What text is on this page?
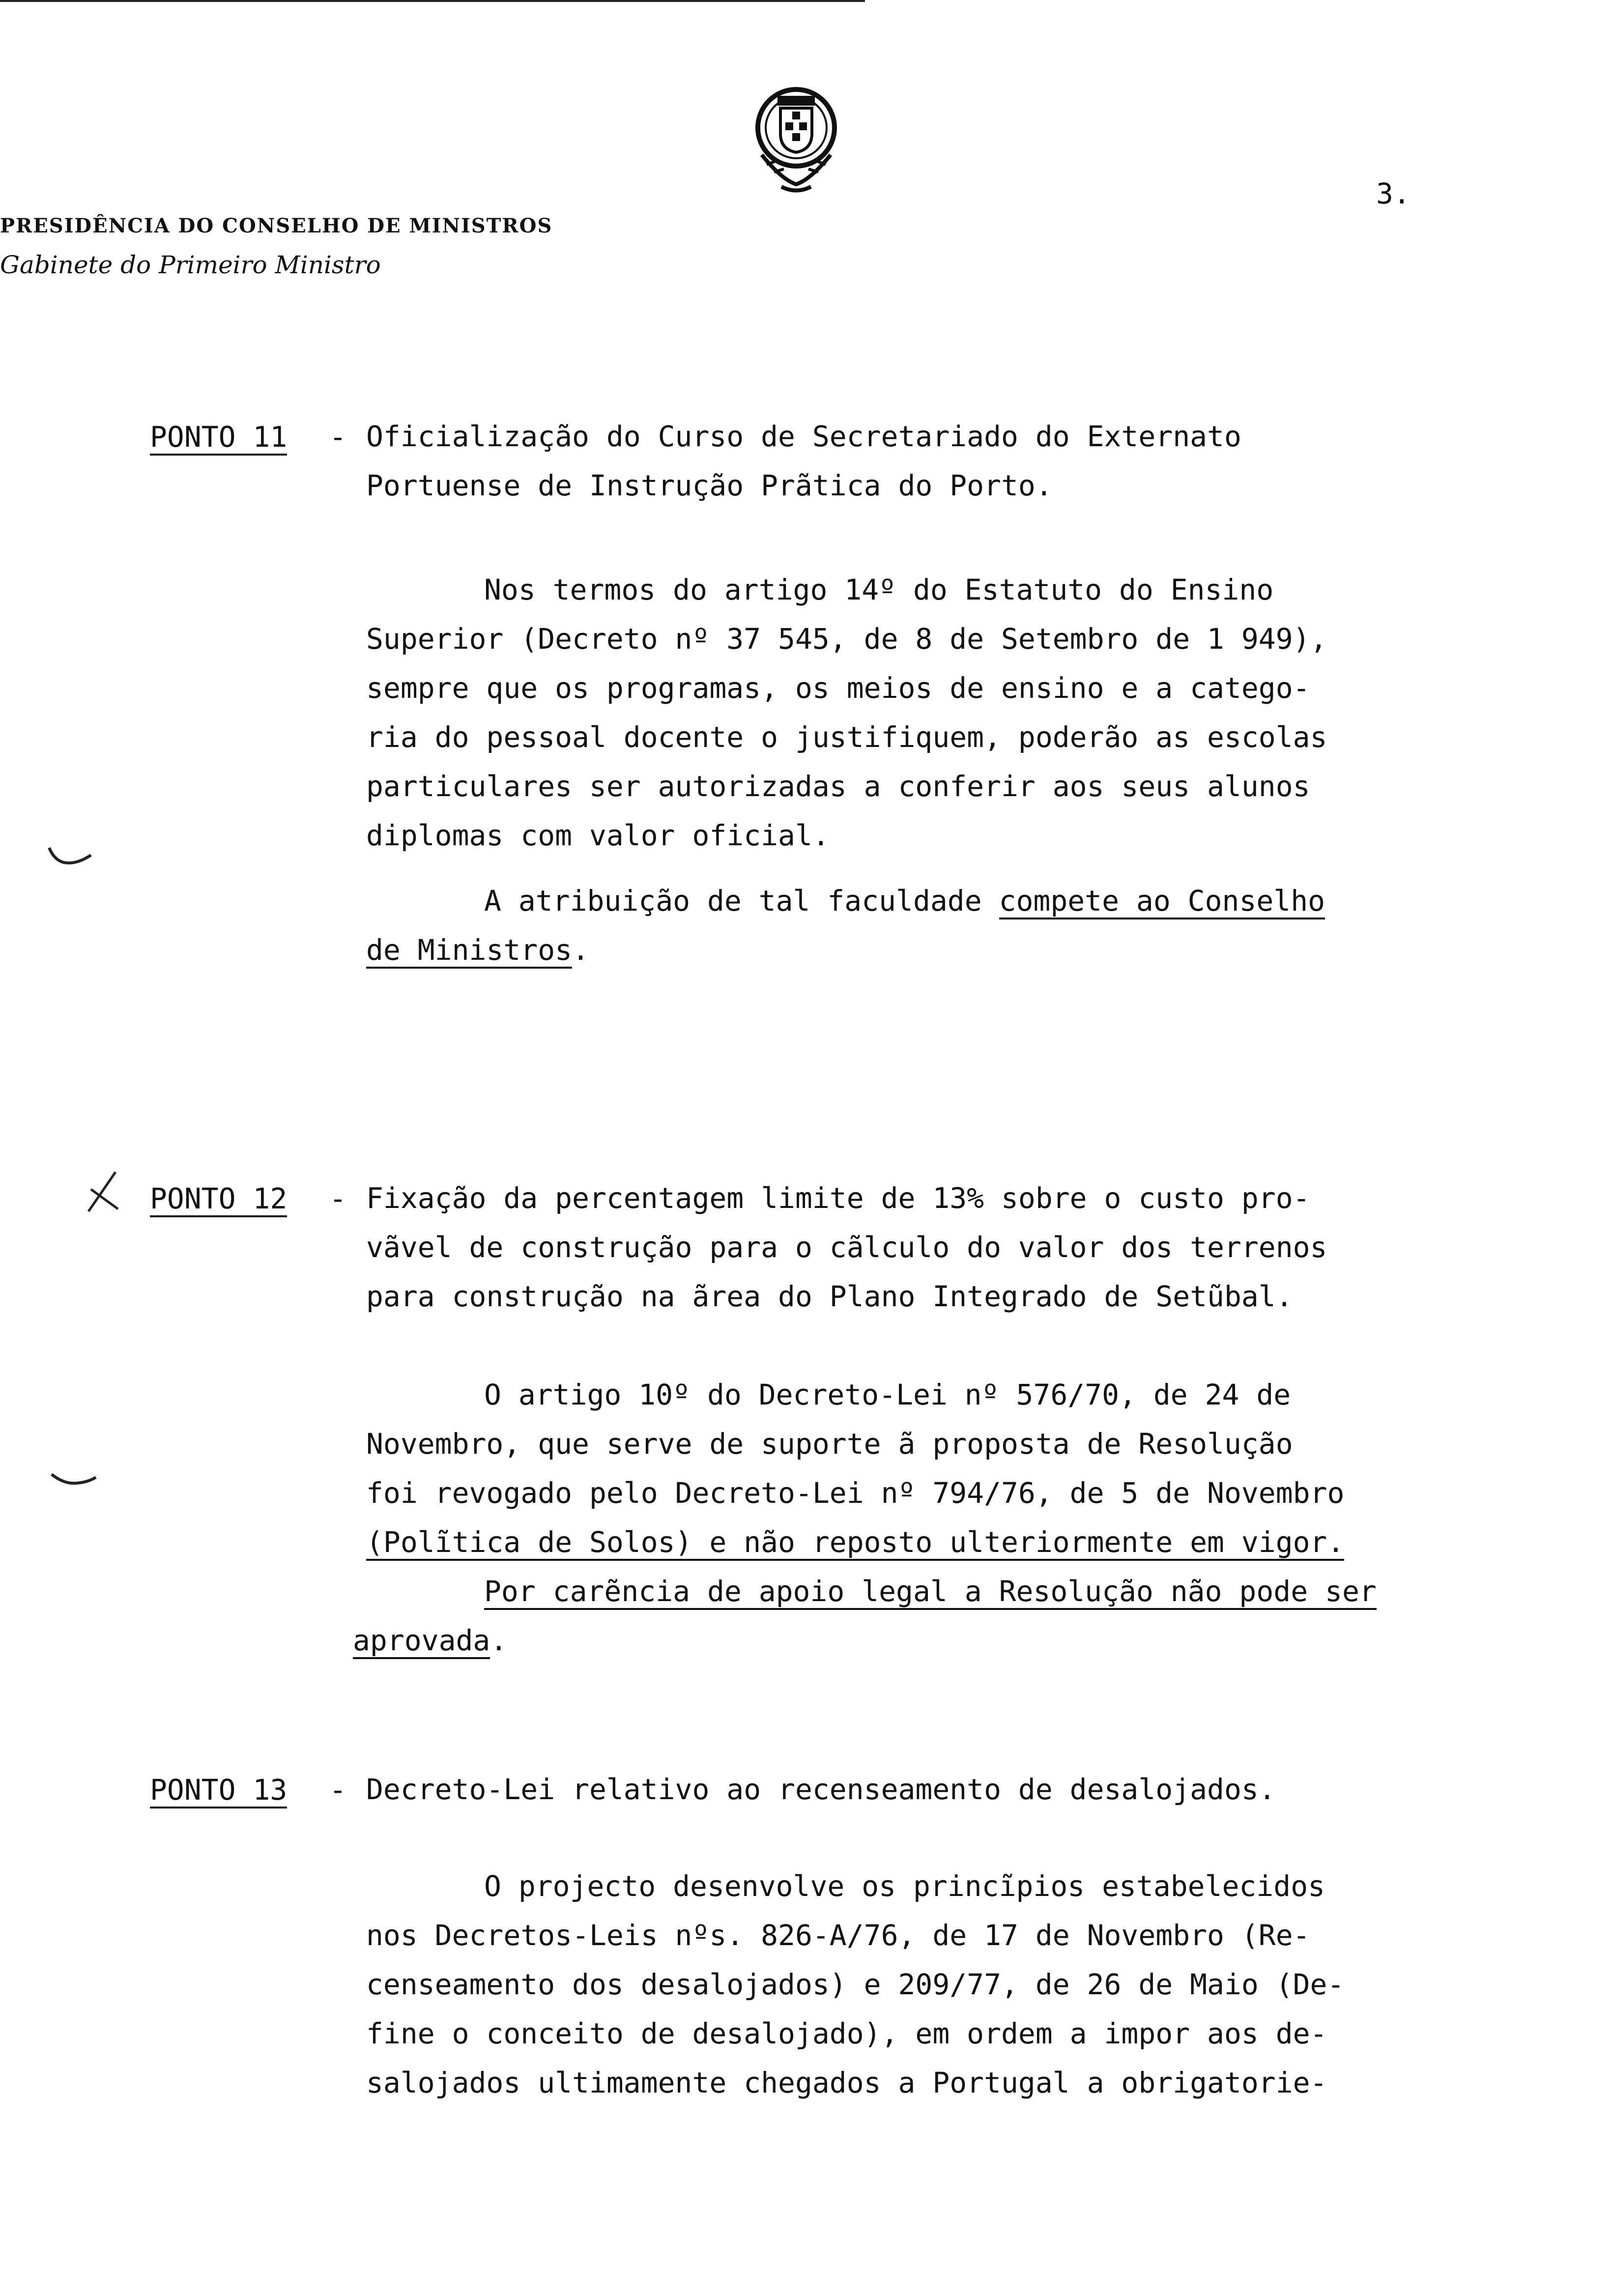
PRESIDÊNCIA DO CONSELHO DE MINISTROS
Gabinete do Primeiro Ministro
3.
PONTO 11 - Oficialização do Curso de Secretariado do Externato
Portuense de Instrução Prãtica do Porto.
Nos termos do artigo 14º do Estatuto do Ensino
Superior (Decreto nº 37 545, de 8 de Setembro de 1 949),
sempre que os programas, os meios de ensino e a catego-
ria do pessoal docente o justifiquem, poderão as escolas
particulares ser autorizadas a conferir aos seus alunos
diplomas com valor oficial.
A atribuição de tal faculdade compete ao Conselho
de Ministros.
PONTO 12 - Fixação da percentagem limite de 13% sobre o custo pro-
vãvel de construção para o cãlculo do valor dos terrenos
para construção na ãrea do Plano Integrado de Setũbal.
O artigo 10º do Decreto-Lei nº 576/70, de 24 de
Novembro, que serve de suporte ã proposta de Resolução
foi revogado pelo Decreto-Lei nº 794/76, de 5 de Novembro
(Polĩtica de Solos) e não reposto ulteriormente em vigor.
Por carẽncia de apoio legal a Resolução não pode ser
aprovada.
PONTO 13 - Decreto-Lei relativo ao recenseamento de desalojados.
O projecto desenvolve os princĩpios estabelecidos
nos Decretos-Leis nºs. 826-A/76, de 17 de Novembro (Re-
censeamento dos desalojados) e 209/77, de 26 de Maio (De-
fine o conceito de desalojado), em ordem a impor aos de-
salojados ultimamente chegados a Portugal a obrigatorie-
